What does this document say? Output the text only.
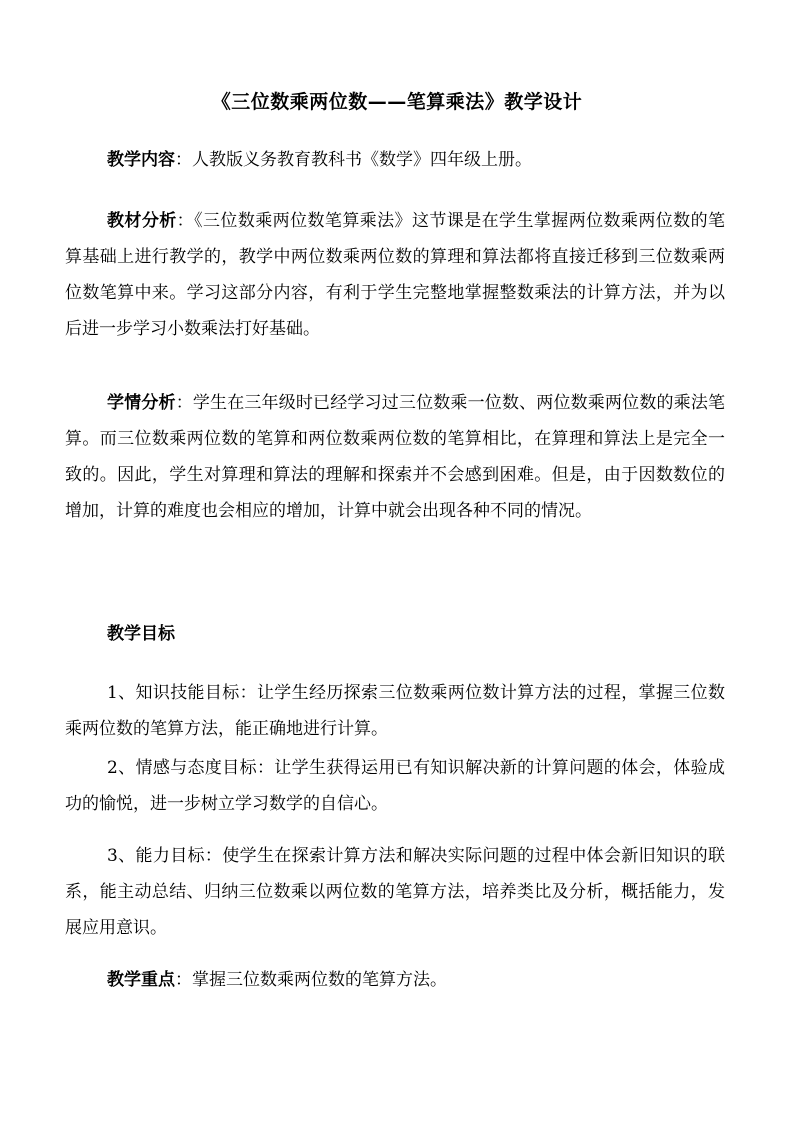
《三位数乘两位数——笔算乘法》教学设计
教学内容：人教版义务教育教科书《数学》四年级上册。
教材分析：《三位数乘两位数笔算乘法》这节课是在学生掌握两位数乘两位数的笔算基础上进行教学的，教学中两位数乘两位数的算理和算法都将直接迁移到三位数乘两位数笔算中来。学习这部分内容，有利于学生完整地掌握整数乘法的计算方法，并为以后进一步学习小数乘法打好基础。
学情分析：学生在三年级时已经学习过三位数乘一位数、两位数乘两位数的乘法笔算。而三位数乘两位数的笔算和两位数乘两位数的笔算相比，在算理和算法上是完全一致的。因此，学生对算理和算法的理解和探索并不会感到困难。但是，由于因数数位的增加，计算的难度也会相应的增加，计算中就会出现各种不同的情况。
教学目标
1、知识技能目标：让学生经历探索三位数乘两位数计算方法的过程，掌握三位数乘两位数的笔算方法，能正确地进行计算。
2、情感与态度目标：让学生获得运用已有知识解决新的计算问题的体会，体验成功的愉悦，进一步树立学习数学的自信心。
3、能力目标：使学生在探索计算方法和解决实际问题的过程中体会新旧知识的联系，能主动总结、归纳三位数乘以两位数的笔算方法，培养类比及分析，概括能力，发展应用意识。
教学重点：掌握三位数乘两位数的笔算方法。
